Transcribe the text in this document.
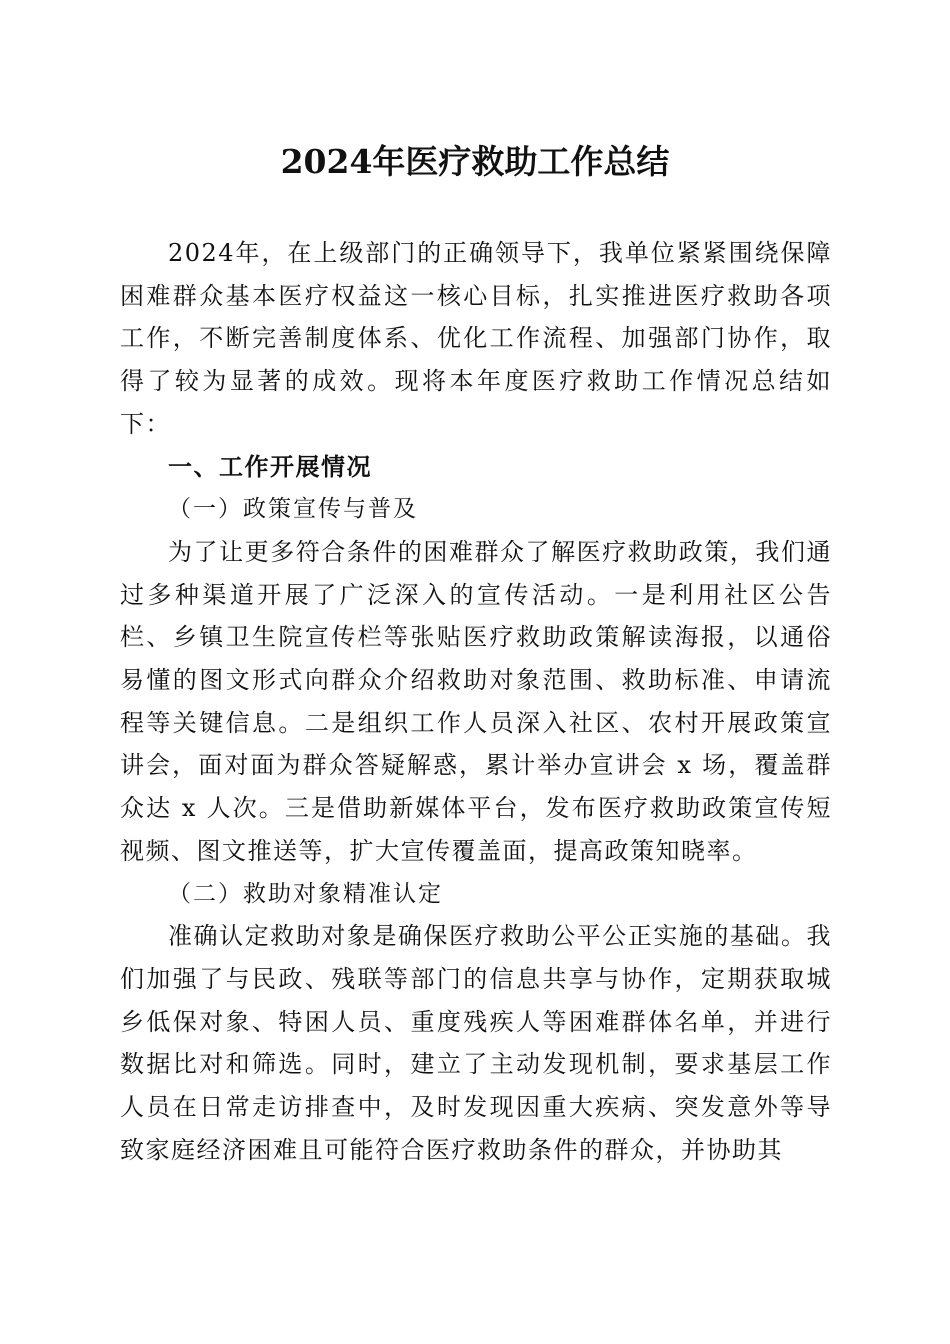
2024年医疗救助工作总结

2024年，在上级部门的正确领导下，我单位紧紧围绕保障困难群众基本医疗权益这一核心目标，扎实推进医疗救助各项工作，不断完善制度体系、优化工作流程、加强部门协作，取得了较为显著的成效。现将本年度医疗救助工作情况总结如下：

一、工作开展情况

（一）政策宣传与普及

为了让更多符合条件的困难群众了解医疗救助政策，我们通过多种渠道开展了广泛深入的宣传活动。一是利用社区公告栏、乡镇卫生院宣传栏等张贴医疗救助政策解读海报，以通俗易懂的图文形式向群众介绍救助对象范围、救助标准、申请流程等关键信息。二是组织工作人员深入社区、农村开展政策宣讲会，面对面为群众答疑解惑，累计举办宣讲会 x 场，覆盖群众达 x 人次。三是借助新媒体平台，发布医疗救助政策宣传短视频、图文推送等，扩大宣传覆盖面，提高政策知晓率。

（二）救助对象精准认定

准确认定救助对象是确保医疗救助公平公正实施的基础。我们加强了与民政、残联等部门的信息共享与协作，定期获取城乡低保对象、特困人员、重度残疾人等困难群体名单，并进行数据比对和筛选。同时，建立了主动发现机制，要求基层工作人员在日常走访排查中，及时发现因重大疾病、突发意外等导致家庭经济困难且可能符合医疗救助条件的群众，并协助其
